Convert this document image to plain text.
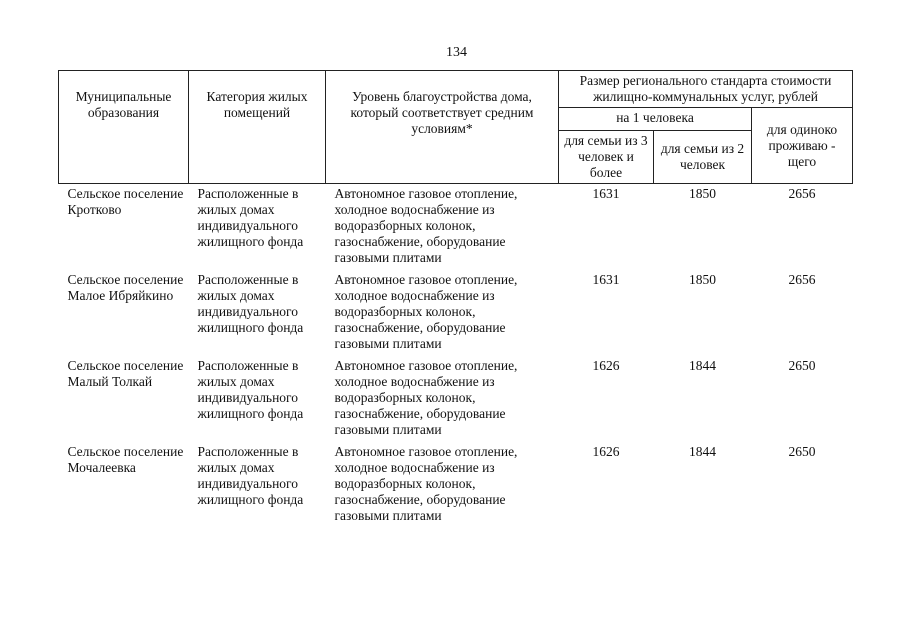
134
Муниципальные образования	Категория жилых помещений	Уровень благоустройства дома, который соответствует средним условиям*	Размер регионального стандарта стоимости жилищно-коммунальных услуг, рублей		
			на 1 человека		для одиноко проживаю - щего
			для семьи из 3 человек и более	для семьи из 2 человек	
Сельское поселение Кротково	Расположенные в жилых домах индивидуального жилищного фонда	Автономное газовое отопление, холодное водоснабжение из водоразборных колонок, газоснабжение, оборудование газовыми плитами	1631	1850	2656
Сельское поселение Малое Ибряйкино	Расположенные в жилых домах индивидуального жилищного фонда	Автономное газовое отопление, холодное водоснабжение из водоразборных колонок, газоснабжение, оборудование газовыми плитами	1631	1850	2656
Сельское поселение Малый Толкай	Расположенные в жилых домах индивидуального жилищного фонда	Автономное газовое отопление, холодное водоснабжение из водоразборных колонок, газоснабжение, оборудование газовыми плитами	1626	1844	2650
Сельское поселение Мочалеевка	Расположенные в жилых домах индивидуального жилищного фонда	Автономное газовое отопление, холодное водоснабжение из водоразборных колонок, газоснабжение, оборудование газовыми плитами	1626	1844	2650
